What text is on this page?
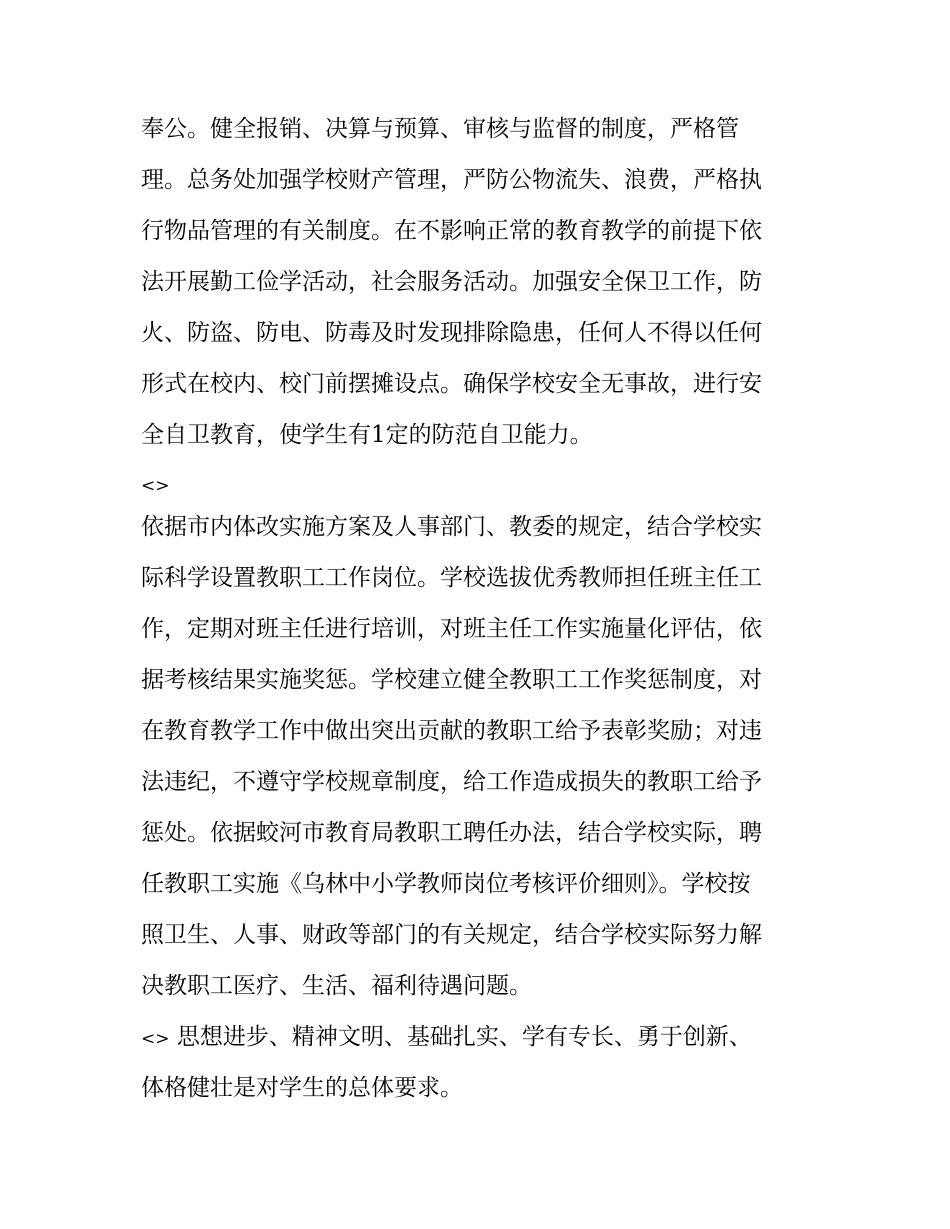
奉公。健全报销、决算与预算、审核与监督的制度，严格管
理。总务处加强学校财产管理，严防公物流失、浪费，严格执
行物品管理的有关制度。在不影响正常的教育教学的前提下依
法开展勤工俭学活动，社会服务活动。加强安全保卫工作，防
火、防盗、防电、防毒及时发现排除隐患，任何人不得以任何
形式在校内、校门前摆摊设点。确保学校安全无事故，进行安
全自卫教育，使学生有1定的防范自卫能力。
<>
依据市内体改实施方案及人事部门、教委的规定，结合学校实
际科学设置教职工工作岗位。学校选拔优秀教师担任班主任工
作，定期对班主任进行培训，对班主任工作实施量化评估，依
据考核结果实施奖惩。学校建立健全教职工工作奖惩制度，对
在教育教学工作中做出突出贡献的教职工给予表彰奖励；对违
法违纪，不遵守学校规章制度，给工作造成损失的教职工给予
惩处。依据蛟河市教育局教职工聘任办法，结合学校实际，聘
任教职工实施《乌林中小学教师岗位考核评价细则》。学校按
照卫生、人事、财政等部门的有关规定，结合学校实际努力解
决教职工医疗、生活、福利待遇问题。
<> 思想进步、精神文明、基础扎实、学有专长、勇于创新、
体格健壮是对学生的总体要求。
